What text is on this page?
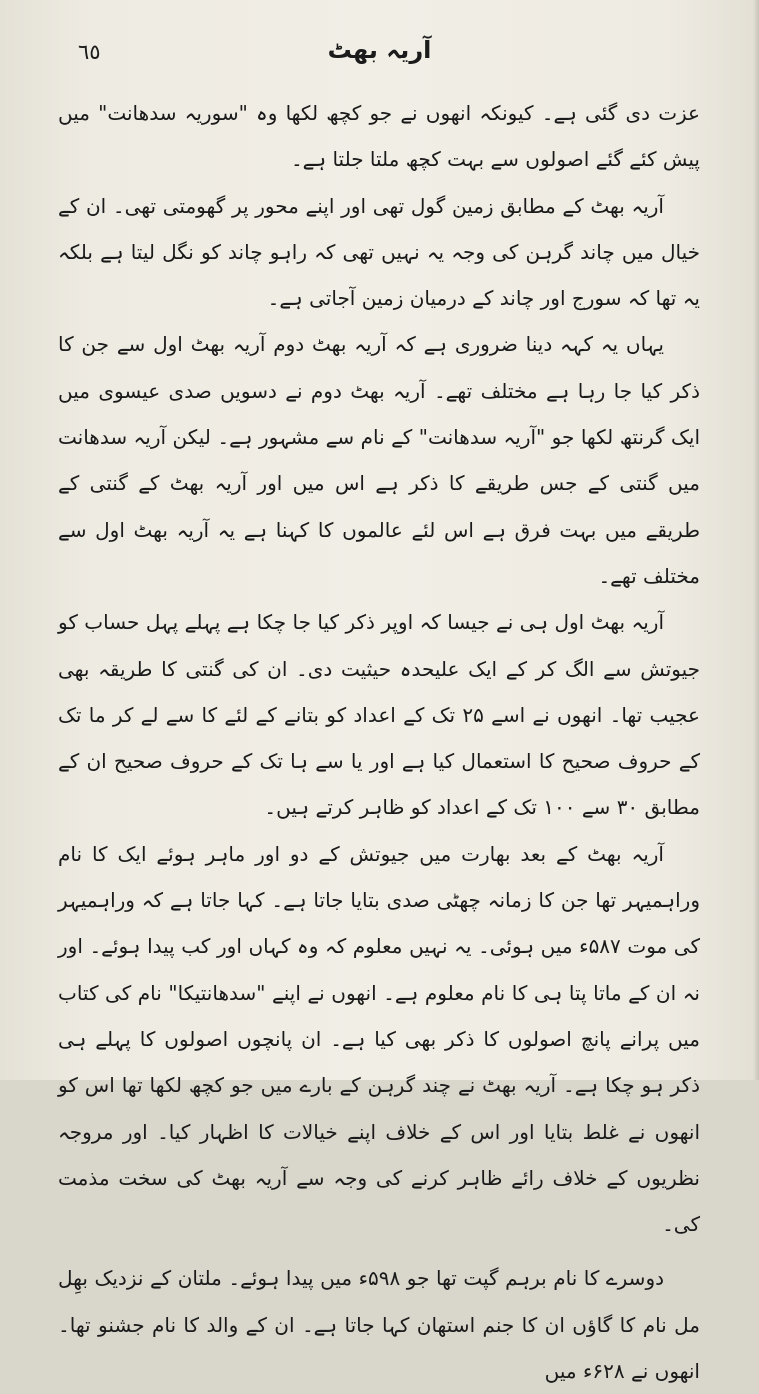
٦٥	آریہ بھٹ

عزت دی گئی ہے۔ کیونکہ انھوں نے جو کچھ لکھا وہ "سوریہ سدھانت" میں پیش کئے گئے اصولوں سے بہت کچھ ملتا جلتا ہے۔

آریہ بھٹ کے مطابق زمین گول تھی اور اپنے محور پر گھومتی تھی۔ ان کے خیال میں چاند گرہن کی وجہ یہ نہیں تھی کہ راہو چاند کو نگل لیتا ہے بلکہ یہ تھا کہ سورج اور چاند کے درمیان زمین آجاتی ہے۔

یہاں یہ کہہ دینا ضروری ہے کہ آریہ بھٹ دوم آریہ بھٹ اول سے جن کا ذکر کیا جا رہا ہے مختلف تھے۔ آریہ بھٹ دوم نے دسویں صدی عیسوی میں ایک گرنتھ لکھا جو "آریہ سدھانت" کے نام سے مشہور ہے۔ لیکن آریہ سدھانت میں گنتی کے جس طریقے کا ذکر ہے اس میں اور آریہ بھٹ کے گنتی کے طریقے میں بہت فرق ہے اس لئے عالموں کا کہنا ہے یہ آریہ بھٹ اول سے مختلف تھے۔

آریہ بھٹ اول ہی نے جیسا کہ اوپر ذکر کیا جا چکا ہے پہلے پہل حساب کو جیوتش سے الگ کر کے ایک علیحدہ حیثیت دی۔ ان کی گنتی کا طریقہ بھی عجیب تھا۔ انھوں نے اسے ۲۵ تک کے اعداد کو بتانے کے لئے کا سے لے کر ما تک کے حروف صحیح کا استعمال کیا ہے اور یا سے ہا تک کے حروف صحیح ان کے مطابق ۳۰ سے ۱۰۰ تک کے اعداد کو ظاہر کرتے ہیں۔

آریہ بھٹ کے بعد بھارت میں جیوتش کے دو اور ماہر ہوئے ایک کا نام وراہمیہر تھا جن کا زمانہ چھٹی صدی بتایا جاتا ہے۔ کہا جاتا ہے کہ وراہمیہر کی موت ۵۸۷ء میں ہوئی۔ یہ نہیں معلوم کہ وہ کہاں اور کب پیدا ہوئے۔ اور نہ ان کے ماتا پتا ہی کا نام معلوم ہے۔ انھوں نے اپنے "سدھانتیکا" نام کی کتاب میں پرانے پانچ اصولوں کا ذکر بھی کیا ہے۔ ان پانچوں اصولوں کا پہلے ہی ذکر ہو چکا ہے۔ آریہ بھٹ نے چند گرہن کے بارے میں جو کچھ لکھا تھا اس کو انھوں نے غلط بتایا اور اس کے خلاف اپنے خیالات کا اظہار کیا۔ اور مروجہ نظریوں کے خلاف رائے ظاہر کرنے کی وجہ سے آریہ بھٹ کی سخت مذمت کی۔

دوسرے کا نام برہم گپت تھا جو ۵۹۸ء میں پیدا ہوئے۔ ملتان کے نزدیک بھِل مل نام کا گاؤں ان کا جنم استھان کہا جاتا ہے۔ ان کے والد کا نام جشنو تھا۔ انھوں نے ۶۲۸ء میں
